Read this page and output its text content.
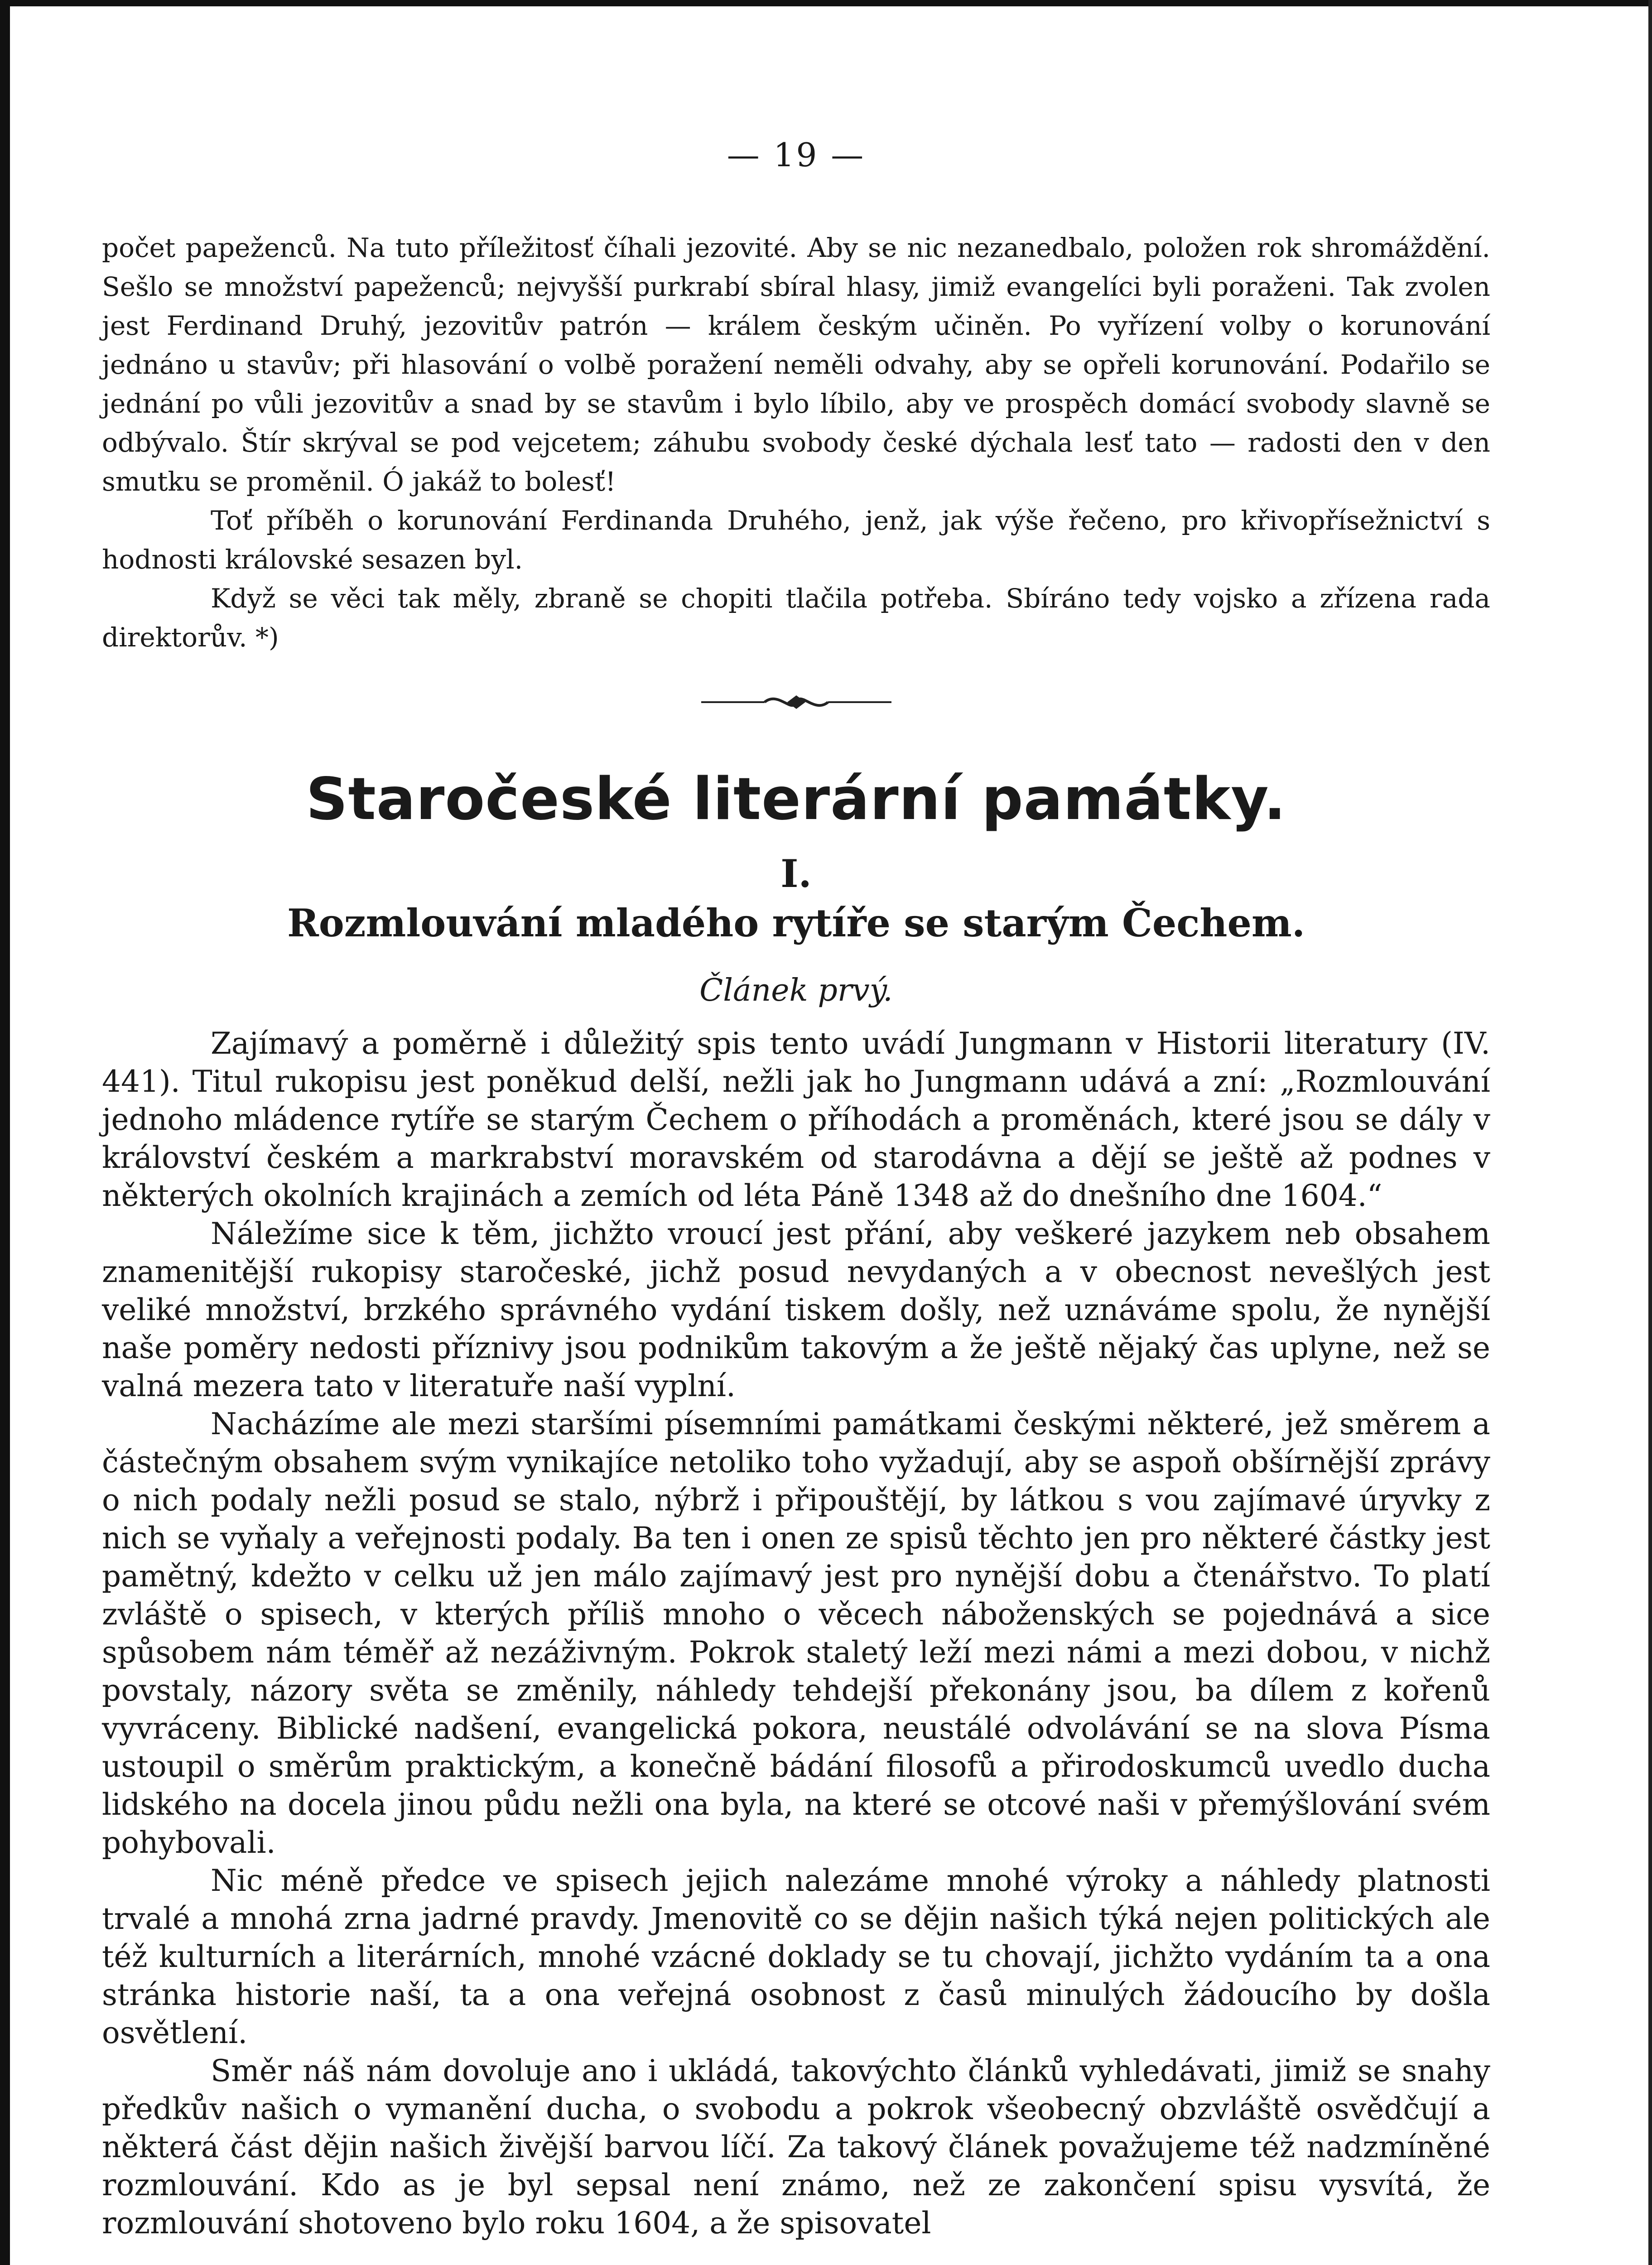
— 19 —

počet papeženců. Na tuto příležitosť číhali jezovité. Aby se nic nezanedbalo, položen rok shromáždění. Sešlo se množství papeženců; nejvyšší purkrabí sbíral hlasy, jimiž evangelíci byli poraženi. Tak zvolen jest Ferdinand Druhý, jezovitův patrón — králem českým učiněn. Po vyřízení volby o korunování jednáno u stavův; při hlasování o volbě poražení neměli odvahy, aby se opřeli korunování. Podařilo se jednání po vůli jezovitův a snad by se stavům i bylo líbilo, aby ve prospěch domácí svobody slavně se odbývalo. Štír skrýval se pod vejcetem; záhubu svobody české dýchala lesť tato — radosti den v den smutku se proměnil. Ó jakáž to bolesť!

Toť příběh o korunování Ferdinanda Druhého, jenž, jak výše řečeno, pro křivopřísežnictví s hodnosti královské sesazen byl.

Když se věci tak měly, zbraně se chopiti tlačila potřeba. Sbíráno tedy vojsko a zřízena rada direktorův. *)

Staročeské literární památky.
I.
Rozmlouvání mladého rytíře se starým Čechem.
Článek prvý.

Zajímavý a poměrně i důležitý spis tento uvádí Jungmann v Historii literatury (IV. 441). Titul rukopisu jest poněkud delší, nežli jak ho Jungmann udává a zní: „Rozmlouvání jednoho mládence rytíře se starým Čechem o příhodách a proměnách, které jsou se dály v království českém a markrabství moravském od starodávna a dějí se ještě až podnes v některých okolních krajinách a zemích od léta Páně 1348 až do dnešního dne 1604.“

Náležíme sice k těm, jichžto vroucí jest přání, aby veškeré jazykem neb obsahem znamenitější rukopisy staročeské, jichž posud nevydaných a v obecnost nevešlých jest veliké množství, brzkého správného vydání tiskem došly, než uznáváme spolu, že nynější naše poměry nedosti příznivy jsou podnikům takovým a že ještě nějaký čas uplyne, než se valná mezera tato v literatuře naší vyplní.

Nacházíme ale mezi staršími písemními památkami českými některé, jež směrem a částečným obsahem svým vynikajíce netoliko toho vyžadují, aby se aspoň obšírnější zprávy o nich podaly nežli posud se stalo, nýbrž i připouštějí, by látkou s vou zajímavé úryvky z nich se vyňaly a veřejnosti podaly. Ba ten i onen ze spisů těchto jen pro některé částky jest pamětný, kdežto v celku už jen málo zajímavý jest pro nynější dobu a čtenářstvo. To platí zvláště o spisech, v kterých příliš mnoho o věcech náboženských se pojednává a sice spůsobem nám téměř až nezáživným. Pokrok staletý leží mezi námi a mezi dobou, v nichž povstaly, názory světa se změnily, náhledy tehdejší překonány jsou, ba dílem z kořenů vyvráceny. Biblické nadšení, evangelická pokora, neustálé odvolávání se na slova Písma ustoupil o směrům praktickým, a konečně bádání filosofů a přirodoskumců uvedlo ducha lidského na docela jinou půdu nežli ona byla, na které se otcové naši v přemýšlování svém pohybovali.

Nic méně předce ve spisech jejich nalezáme mnohé výroky a náhledy platnosti trvalé a mnohá zrna jadrné pravdy. Jmenovitě co se dějin našich týká nejen politických ale též kulturních a literárních, mnohé vzácné doklady se tu chovají, jichžto vydáním ta a ona stránka historie naší, ta a ona veřejná osobnost z časů minulých žádoucího by došla osvětlení.

Směr náš nám dovoluje ano i ukládá, takovýchto článků vyhledávati, jimiž se snahy předkův našich o vymanění ducha, o svobodu a pokrok všeobecný obzvláště osvědčují a některá část dějin našich živější barvou líčí. Za takový článek považujeme též nadzmíněné rozmlouvání. Kdo as je byl sepsal není známo, než ze zakončení spisu vysvítá, že rozmlouvání shotoveno bylo roku 1604, a že spisovatel
